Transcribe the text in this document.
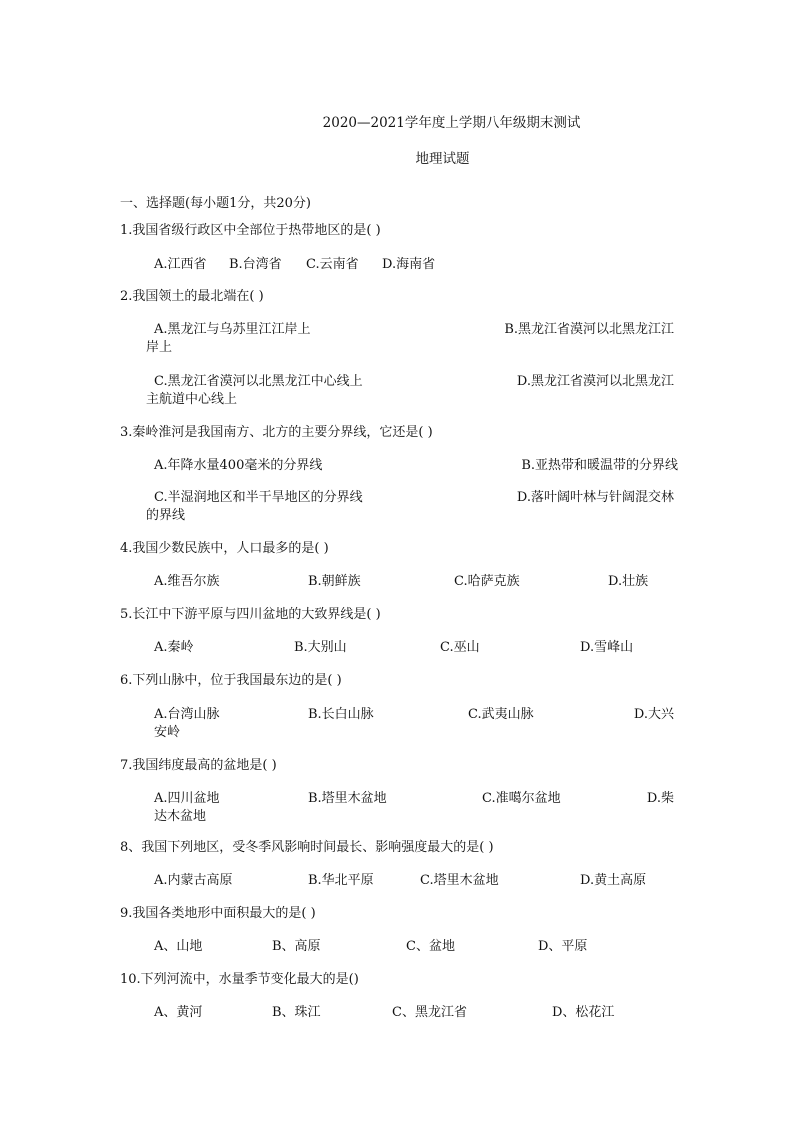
2020—2021学年度上学期八年级期末测试
地理试题
一、选择题(每小题1分，共20分)
1.我国省级行政区中全部位于热带地区的是( )
A.江西省 B.台湾省 C.云南省 D.海南省
2.我国领土的最北端在( )
A.黑龙江与乌苏里江江岸上	B.黑龙江省漠河以北黑龙江江
岸上
C.黑龙江省漠河以北黑龙江中心线上	D.黑龙江省漠河以北黑龙江
主航道中心线上
3.秦岭淮河是我国南方、北方的主要分界线，它还是( )
A.年降水量400毫米的分界线	B.亚热带和暖温带的分界线
C.半湿润地区和半干旱地区的分界线	D.落叶阔叶林与针阔混交林
的界线
4.我国少数民族中，人口最多的是( )
A.维吾尔族	B.朝鲜族	C.哈萨克族	D.壮族
5.长江中下游平原与四川盆地的大致界线是( )
A.秦岭	B.大别山	C.巫山	D.雪峰山
6.下列山脉中，位于我国最东边的是( )
A.台湾山脉	B.长白山脉	C.武夷山脉	D.大兴
安岭
7.我国纬度最高的盆地是( )
A.四川盆地	B.塔里木盆地	C.准噶尔盆地	D.柴
达木盆地
8、我国下列地区，受冬季风影响时间最长、影响强度最大的是( )
A.内蒙古高原	B.华北平原	C.塔里木盆地	D.黄土高原
9.我国各类地形中面积最大的是( )
A、山地	B、高原	C、盆地	D、平原
10.下列河流中，水量季节变化最大的是()
A、黄河	B、珠江	C、黑龙江省	D、松花江
